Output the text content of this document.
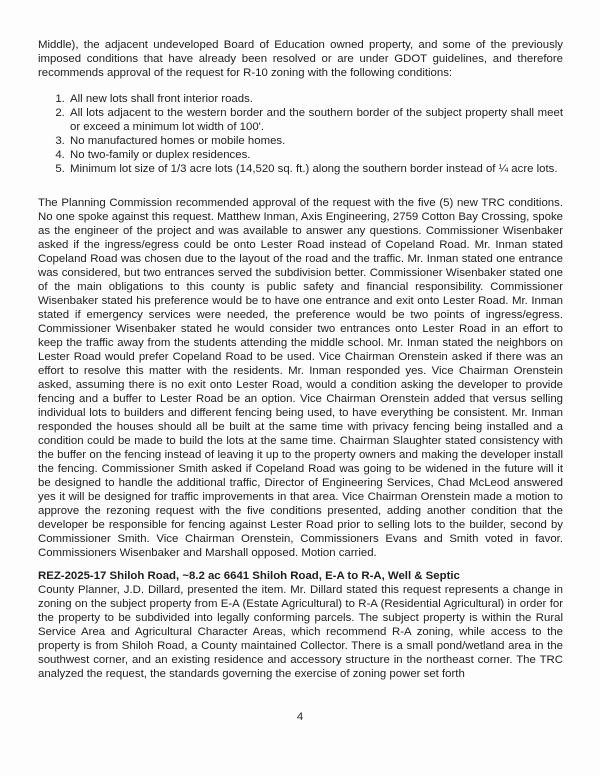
Middle), the adjacent undeveloped Board of Education owned property, and some of the previously imposed conditions that have already been resolved or are under GDOT guidelines, and therefore recommends approval of the request for R-10 zoning with the following conditions:

1. All new lots shall front interior roads.
2. All lots adjacent to the western border and the southern border of the subject property shall meet or exceed a minimum lot width of 100'.
3. No manufactured homes or mobile homes.
4. No two-family or duplex residences.
5. Minimum lot size of 1/3 acre lots (14,520 sq. ft.) along the southern border instead of ¼ acre lots.

The Planning Commission recommended approval of the request with the five (5) new TRC conditions. No one spoke against this request. Matthew Inman, Axis Engineering, 2759 Cotton Bay Crossing, spoke as the engineer of the project and was available to answer any questions. Commissioner Wisenbaker asked if the ingress/egress could be onto Lester Road instead of Copeland Road. Mr. Inman stated Copeland Road was chosen due to the layout of the road and the traffic. Mr. Inman stated one entrance was considered, but two entrances served the subdivision better. Commissioner Wisenbaker stated one of the main obligations to this county is public safety and financial responsibility. Commissioner Wisenbaker stated his preference would be to have one entrance and exit onto Lester Road. Mr. Inman stated if emergency services were needed, the preference would be two points of ingress/egress. Commissioner Wisenbaker stated he would consider two entrances onto Lester Road in an effort to keep the traffic away from the students attending the middle school. Mr. Inman stated the neighbors on Lester Road would prefer Copeland Road to be used. Vice Chairman Orenstein asked if there was an effort to resolve this matter with the residents. Mr. Inman responded yes. Vice Chairman Orenstein asked, assuming there is no exit onto Lester Road, would a condition asking the developer to provide fencing and a buffer to Lester Road be an option. Vice Chairman Orenstein added that versus selling individual lots to builders and different fencing being used, to have everything be consistent. Mr. Inman responded the houses should all be built at the same time with privacy fencing being installed and a condition could be made to build the lots at the same time. Chairman Slaughter stated consistency with the buffer on the fencing instead of leaving it up to the property owners and making the developer install the fencing. Commissioner Smith asked if Copeland Road was going to be widened in the future will it be designed to handle the additional traffic, Director of Engineering Services, Chad McLeod answered yes it will be designed for traffic improvements in that area. Vice Chairman Orenstein made a motion to approve the rezoning request with the five conditions presented, adding another condition that the developer be responsible for fencing against Lester Road prior to selling lots to the builder, second by Commissioner Smith. Vice Chairman Orenstein, Commissioners Evans and Smith voted in favor. Commissioners Wisenbaker and Marshall opposed. Motion carried.

REZ-2025-17 Shiloh Road, ~8.2 ac 6641 Shiloh Road, E-A to R-A, Well & Septic

County Planner, J.D. Dillard, presented the item. Mr. Dillard stated this request represents a change in zoning on the subject property from E-A (Estate Agricultural) to R-A (Residential Agricultural) in order for the property to be subdivided into legally conforming parcels. The subject property is within the Rural Service Area and Agricultural Character Areas, which recommend R-A zoning, while access to the property is from Shiloh Road, a County maintained Collector. There is a small pond/wetland area in the southwest corner, and an existing residence and accessory structure in the northeast corner. The TRC analyzed the request, the standards governing the exercise of zoning power set forth

4
